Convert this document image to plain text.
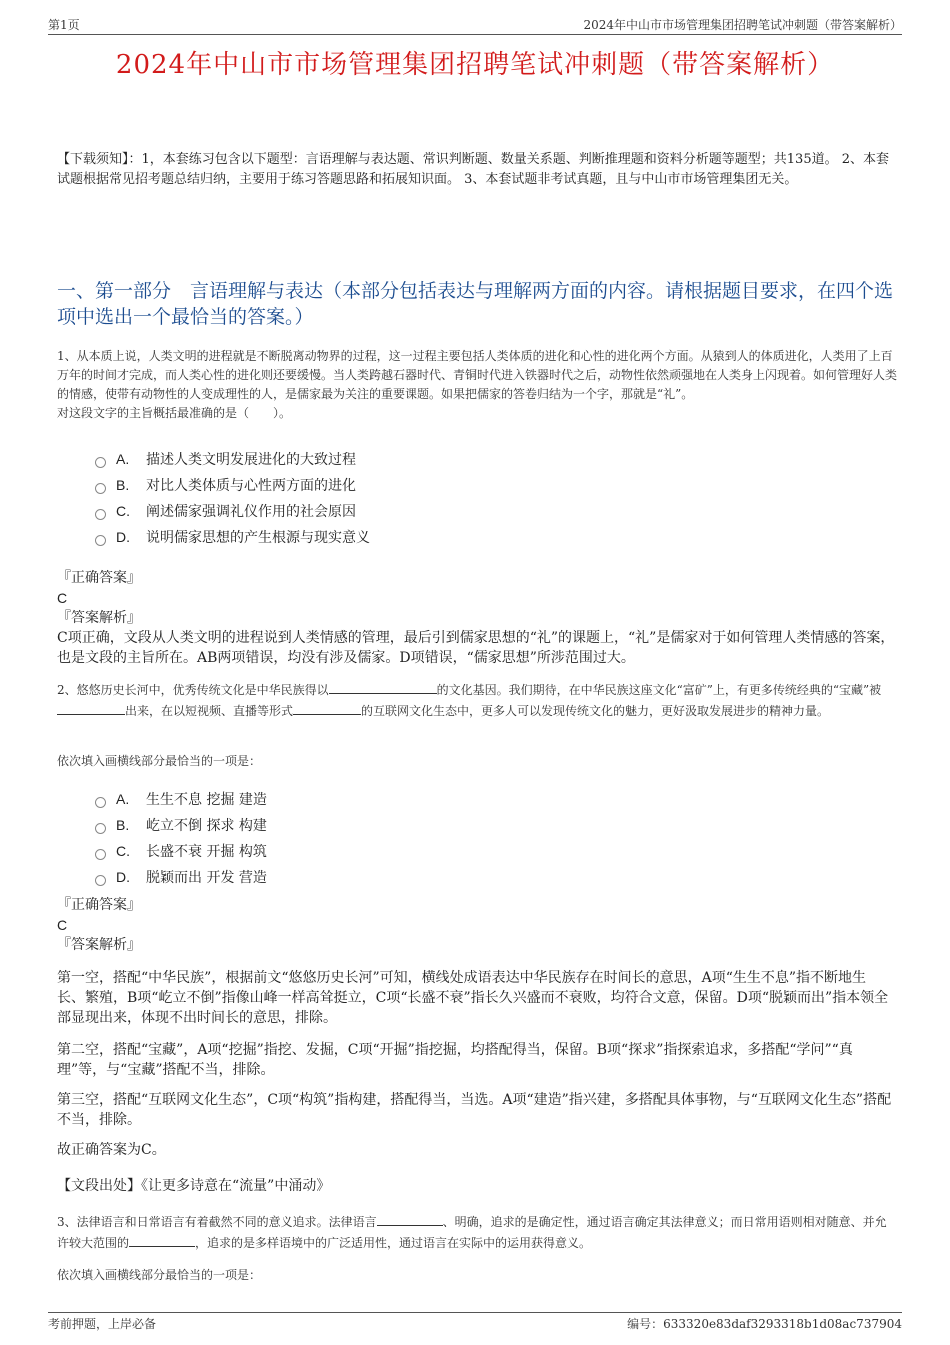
第1页	2024年中山市市场管理集团招聘笔试冲刺题（带答案解析）
2024年中山市市场管理集团招聘笔试冲刺题（带答案解析）
【下载须知】：1，本套练习包含以下题型：言语理解与表达题、常识判断题、数量关系题、判断推理题和资料分析题等题型；共135道。 2、本套试题根据常见招考题总结归纳，主要用于练习答题思路和拓展知识面。 3、本套试题非考试真题，且与中山市市场管理集团无关。
一、第一部分　言语理解与表达（本部分包括表达与理解两方面的内容。请根据题目要求，在四个选项中选出一个最恰当的答案。）

1、从本质上说，人类文明的进程就是不断脱离动物界的过程，这一过程主要包括人类体质的进化和心性的进化两个方面。从猿到人的体质进化，人类用了上百万年的时间才完成，而人类心性的进化则还要缓慢。当人类跨越石器时代、青铜时代进入铁器时代之后，动物性依然顽强地在人类身上闪现着。如何管理好人类的情感，使带有动物性的人变成理性的人，是儒家最为关注的重要课题。如果把儒家的答卷归结为一个字，那就是“礼”。

对这段文字的主旨概括最准确的是（　　）。

A.	描述人类文明发展进化的大致过程
B.	对比人类体质与心性两方面的进化
C.	阐述儒家强调礼仪作用的社会原因
D.	说明儒家思想的产生根源与现实意义
『正确答案』
C
『答案解析』
C项正确，文段从人类文明的进程说到人类情感的管理，最后引到儒家思想的“礼”的课题上，“礼”是儒家对于如何管理人类情感的答案，也是文段的主旨所在。AB两项错误，均没有涉及儒家。D项错误，“儒家思想”所涉范围过大。
2、悠悠历史长河中，优秀传统文化是中华民族得以	的文化基因。我们期待，在中华民族这座文化“富矿”上，有更多传统经典的“宝藏”被出来，在以短视频、直播等形式	的互联网文化生态中，更多人可以发现传统文化的魅力，更好汲取发展进步的精神力量。
依次填入画横线部分最恰当的一项是：
A.	生生不息 挖掘 建造
B.	屹立不倒 探求 构建
C.	长盛不衰 开掘 构筑
D.	脱颖而出 开发 营造
『正确答案』
C
『答案解析』
第一空，搭配“中华民族”，根据前文“悠悠历史长河”可知，横线处成语表达中华民族存在时间长的意思，A项“生生不息”指不断地生长、繁殖，B项“屹立不倒”指像山峰一样高耸挺立，C项“长盛不衰”指长久兴盛而不衰败，均符合文意，保留。D项“脱颖而出”指本领全部显现出来，体现不出时间长的意思，排除。
第二空，搭配“宝藏”，A项“挖掘”指挖、发掘，C项“开掘”指挖掘，均搭配得当，保留。B项“探求”指探索追求，多搭配“学问”“真理”等，与“宝藏”搭配不当，排除。
第三空，搭配“互联网文化生态”，C项“构筑”指构建，搭配得当，当选。A项“建造”指兴建，多搭配具体事物，与“互联网文化生态”搭配不当，排除。
故正确答案为C。
【文段出处】《让更多诗意在“流量”中涌动》
3、法律语言和日常语言有着截然不同的意义追求。法律语言	、明确，追求的是确定性，通过语言确定其法律意义；而日常用语则相对随意、并允许较大范围的	，追求的是多样语境中的广泛适用性，通过语言在实际中的运用获得意义。
依次填入画横线部分最恰当的一项是：
考前押题，上岸必备	编号：633320e83daf3293318b1d08ac737904
